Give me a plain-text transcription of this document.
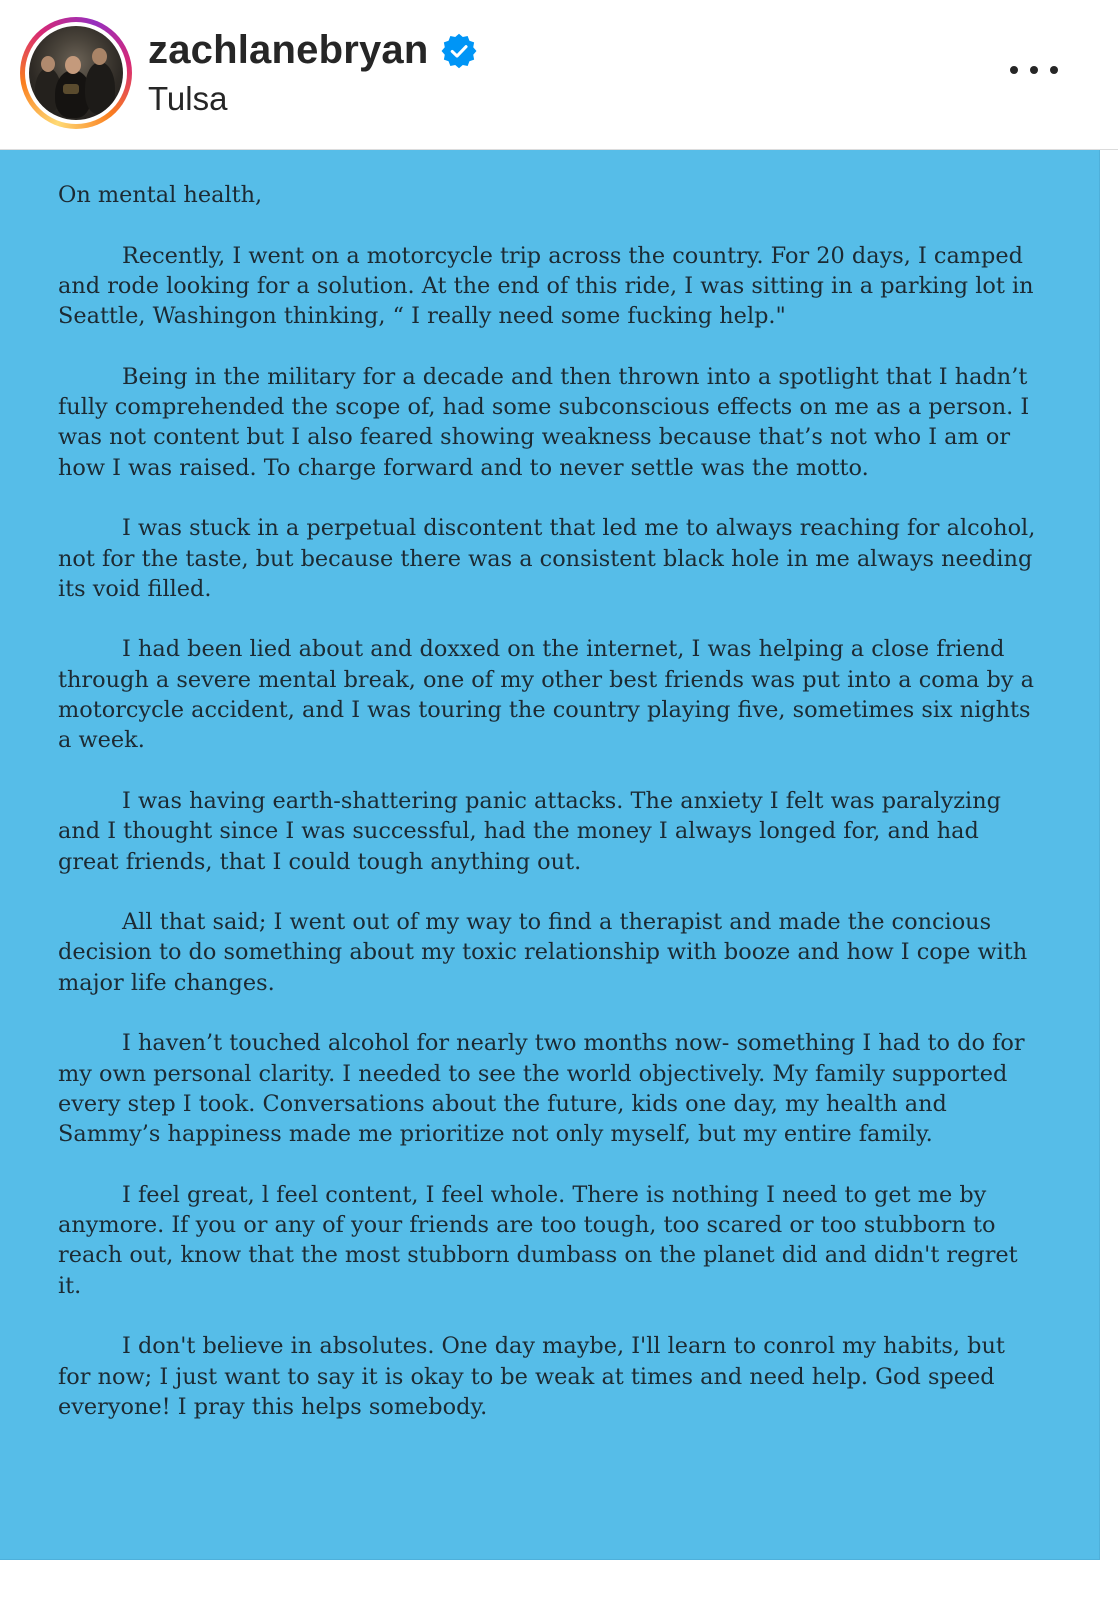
zachlanebryan
Tulsa

On mental health,

Recently, I went on a motorcycle trip across the country. For 20 days, I camped and rode looking for a solution. At the end of this ride, I was sitting in a parking lot in Seattle, Washingon thinking, “ I really need some fucking help."

Being in the military for a decade and then thrown into a spotlight that I hadn’t fully comprehended the scope of, had some subconscious effects on me as a person. I was not content but I also feared showing weakness because that’s not who I am or how I was raised. To charge forward and to never settle was the motto.

I was stuck in a perpetual discontent that led me to always reaching for alcohol, not for the taste, but because there was a consistent black hole in me always needing its void filled.

I had been lied about and doxxed on the internet, I was helping a close friend through a severe mental break, one of my other best friends was put into a coma by a motorcycle accident, and I was touring the country playing five, sometimes six nights a week.

I was having earth-shattering panic attacks. The anxiety I felt was paralyzing and I thought since I was successful, had the money I always longed for, and had great friends, that I could tough anything out.

All that said; I went out of my way to find a therapist and made the concious decision to do something about my toxic relationship with booze and how I cope with major life changes.

I haven’t touched alcohol for nearly two months now- something I had to do for my own personal clarity. I needed to see the world objectively. My family supported every step I took. Conversations about the future, kids one day, my health and Sammy’s happiness made me prioritize not only myself, but my entire family.

I feel great, l feel content, I feel whole. There is nothing I need to get me by anymore. If you or any of your friends are too tough, too scared or too stubborn to reach out, know that the most stubborn dumbass on the planet did and didn't regret it.

I don't believe in absolutes. One day maybe, I'll learn to conrol my habits, but for now; I just want to say it is okay to be weak at times and need help. God speed everyone! I pray this helps somebody.
